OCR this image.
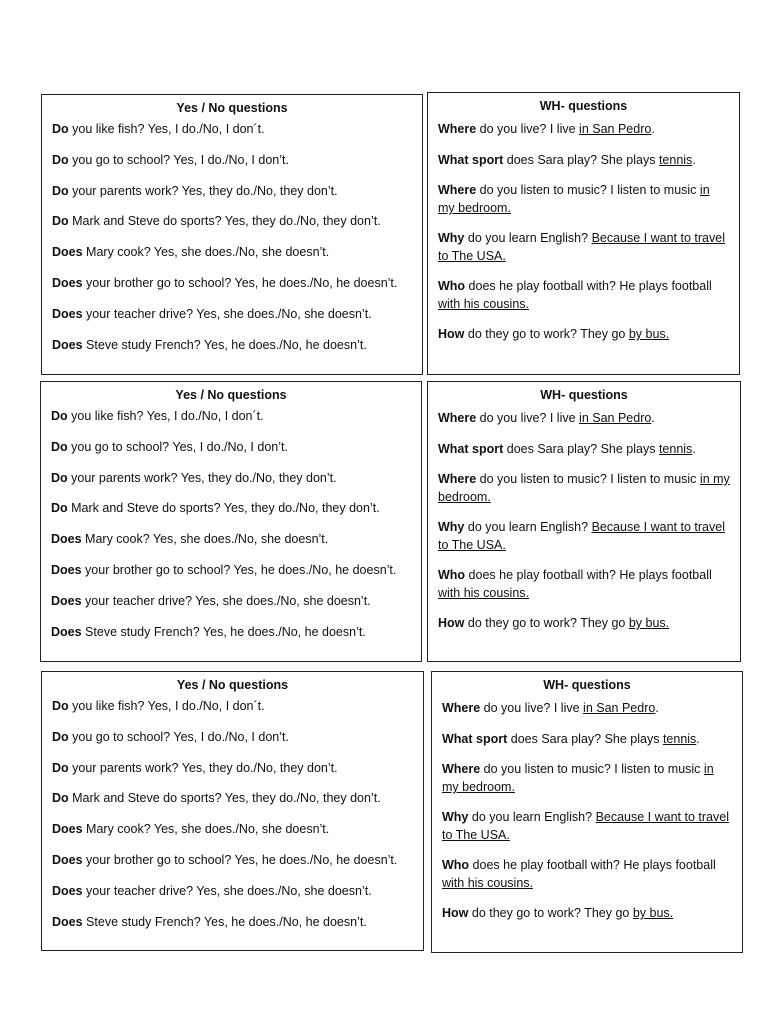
Yes / No questions
Do you like fish? Yes, I do./No, I don´t.
Do you go to school? Yes, I do./No, I don’t.
Do your parents work? Yes, they do./No, they don’t.
Do Mark and Steve do sports? Yes, they do./No, they don’t.
Does Mary cook? Yes, she does./No, she doesn’t.
Does your brother go to school? Yes, he does./No, he doesn’t.
Does your teacher drive? Yes, she does./No, she doesn’t.
Does Steve study French? Yes, he does./No, he doesn’t.
WH- questions
Where do you live? I live in San Pedro.
What sport does Sara play? She plays tennis.
Where do you listen to music? I listen to music in my bedroom.
Why do you learn English? Because I want to travel to The USA.
Who does he play football with? He plays football with his cousins.
How do they go to work? They go by bus.
Yes / No questions
Do you like fish? Yes, I do./No, I don´t.
Do you go to school? Yes, I do./No, I don’t.
Do your parents work? Yes, they do./No, they don’t.
Do Mark and Steve do sports? Yes, they do./No, they don’t.
Does Mary cook? Yes, she does./No, she doesn’t.
Does your brother go to school? Yes, he does./No, he doesn’t.
Does your teacher drive? Yes, she does./No, she doesn’t.
Does Steve study French? Yes, he does./No, he doesn’t.
WH- questions
Where do you live? I live in San Pedro.
What sport does Sara play? She plays tennis.
Where do you listen to music? I listen to music in my bedroom.
Why do you learn English? Because I want to travel to The USA.
Who does he play football with? He plays football with his cousins.
How do they go to work? They go by bus.
Yes / No questions
Do you like fish? Yes, I do./No, I don´t.
Do you go to school? Yes, I do./No, I don’t.
Do your parents work? Yes, they do./No, they don’t.
Do Mark and Steve do sports? Yes, they do./No, they don’t.
Does Mary cook? Yes, she does./No, she doesn’t.
Does your brother go to school? Yes, he does./No, he doesn’t.
Does your teacher drive? Yes, she does./No, she doesn’t.
Does Steve study French? Yes, he does./No, he doesn’t.
WH- questions
Where do you live? I live in San Pedro.
What sport does Sara play? She plays tennis.
Where do you listen to music? I listen to music in my bedroom.
Why do you learn English? Because I want to travel to The USA.
Who does he play football with? He plays football with his cousins.
How do they go to work? They go by bus.
